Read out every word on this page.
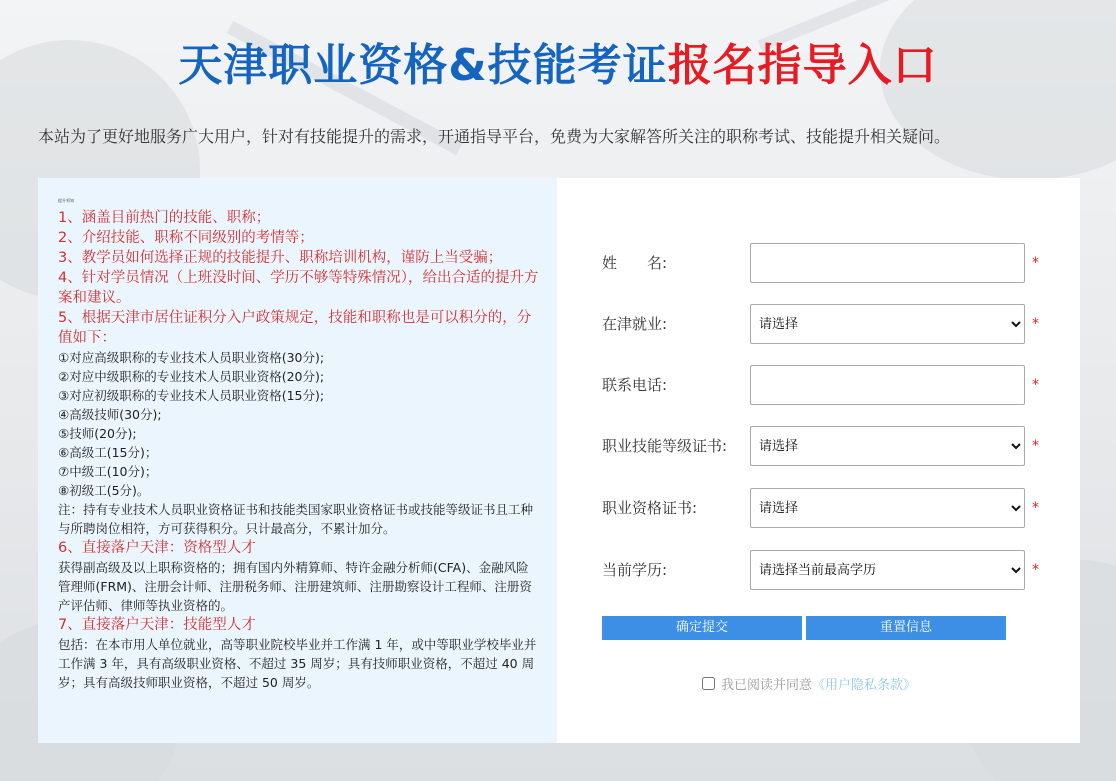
天津职业资格&技能考证报名指导入口
本站为了更好地服务广大用户，针对有技能提升的需求，开通指导平台，免费为大家解答所关注的职称考试、技能提升相关疑问。
提升须知
1、涵盖目前热门的技能、职称；
2、介绍技能、职称不同级别的考情等；
3、教学员如何选择正规的技能提升、职称培训机构，谨防上当受骗；
4、针对学员情况（上班没时间、学历不够等特殊情况），给出合适的提升方案和建议。
5、根据天津市居住证积分入户政策规定，技能和职称也是可以积分的，分值如下：
①对应高级职称的专业技术人员职业资格(30分);
②对应中级职称的专业技术人员职业资格(20分);
③对应初级职称的专业技术人员职业资格(15分);
④高级技师(30分);
⑤技师(20分);
⑥高级工(15分)；
⑦中级工(10分)；
⑧初级工(5分)。
注：持有专业技术人员职业资格证书和技能类国家职业资格证书或技能等级证书且工种与所聘岗位相符，方可获得积分。只计最高分，不累计加分。
6、直接落户天津：资格型人才
获得副高级及以上职称资格的；拥有国内外精算师、特许金融分析师(CFA)、金融风险管理师(FRM)、注册会计师、注册税务师、注册建筑师、注册勘察设计工程师、注册资产评估师、律师等执业资格的。
7、直接落户天津：技能型人才
包括：在本市用人单位就业，高等职业院校毕业并工作满 1 年，或中等职业学校毕业并工作满 3 年，具有高级职业资格、不超过 35 周岁；具有技师职业资格，不超过 40 周岁；具有高级技师职业资格，不超过 50 周岁。
姓　　名:	*
在津就业:
请选择	*
联系电话:	*
职业技能等级证书:
请选择	*
职业资格证书:
请选择	*
当前学历:
请选择当前最高学历	*
确定提交	重置信息
我已阅读并同意《用户隐私条款》
